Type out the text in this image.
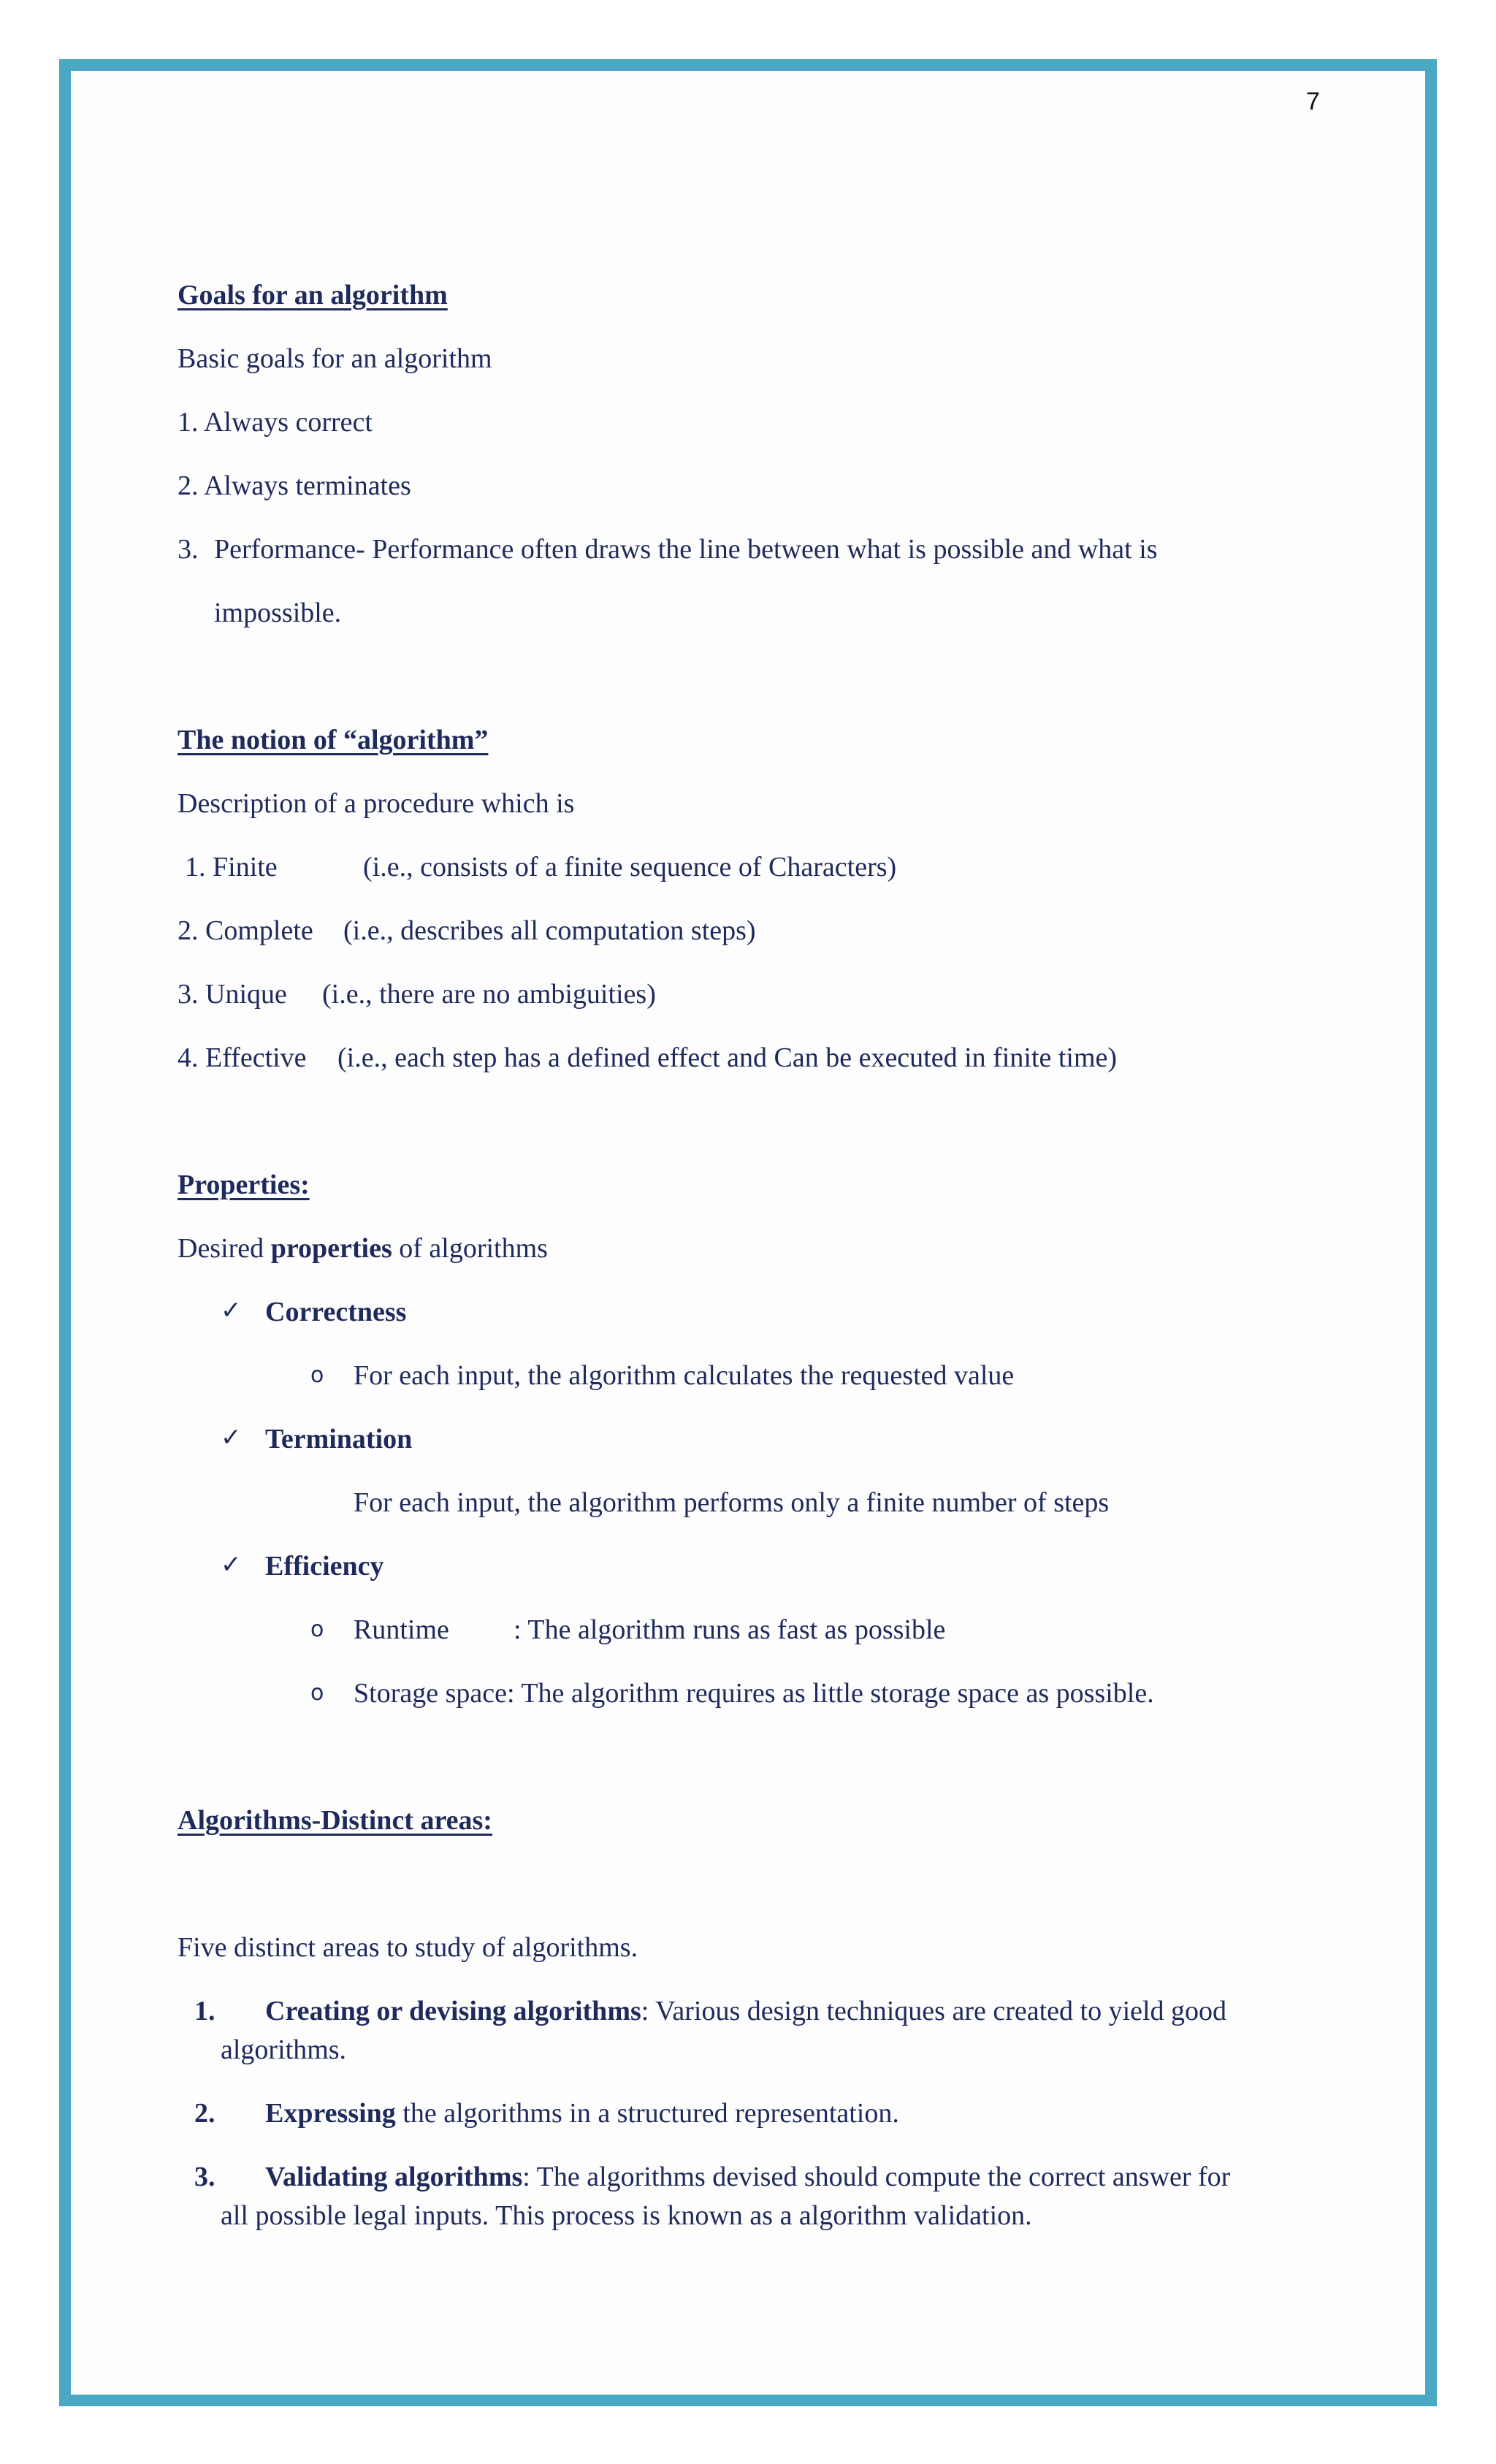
7
Goals for an algorithm
Basic goals for an algorithm
1. Always correct
2. Always terminates
3. Performance- Performance often draws the line between what is possible and what is
impossible.
The notion of “algorithm”
Description of a procedure which is
1. Finite	(i.e., consists of a finite sequence of Characters)
2. Complete (i.e., describes all computation steps)
3. Unique (i.e., there are no ambiguities)
4. Effective (i.e., each step has a defined effect and Can be executed in finite time)
Properties:
Desired properties of algorithms
✓ Correctness
o For each input, the algorithm calculates the requested value
✓ Termination
For each input, the algorithm performs only a finite number of steps
✓ Efficiency
o Runtime : The algorithm runs as fast as possible
o Storage space: The algorithm requires as little storage space as possible.
Algorithms-Distinct areas:
Five distinct areas to study of algorithms.
1. Creating or devising algorithms: Various design techniques are created to yield good
algorithms.
2. Expressing the algorithms in a structured representation.
3. Validating algorithms: The algorithms devised should compute the correct answer for
all possible legal inputs. This process is known as a algorithm validation.
